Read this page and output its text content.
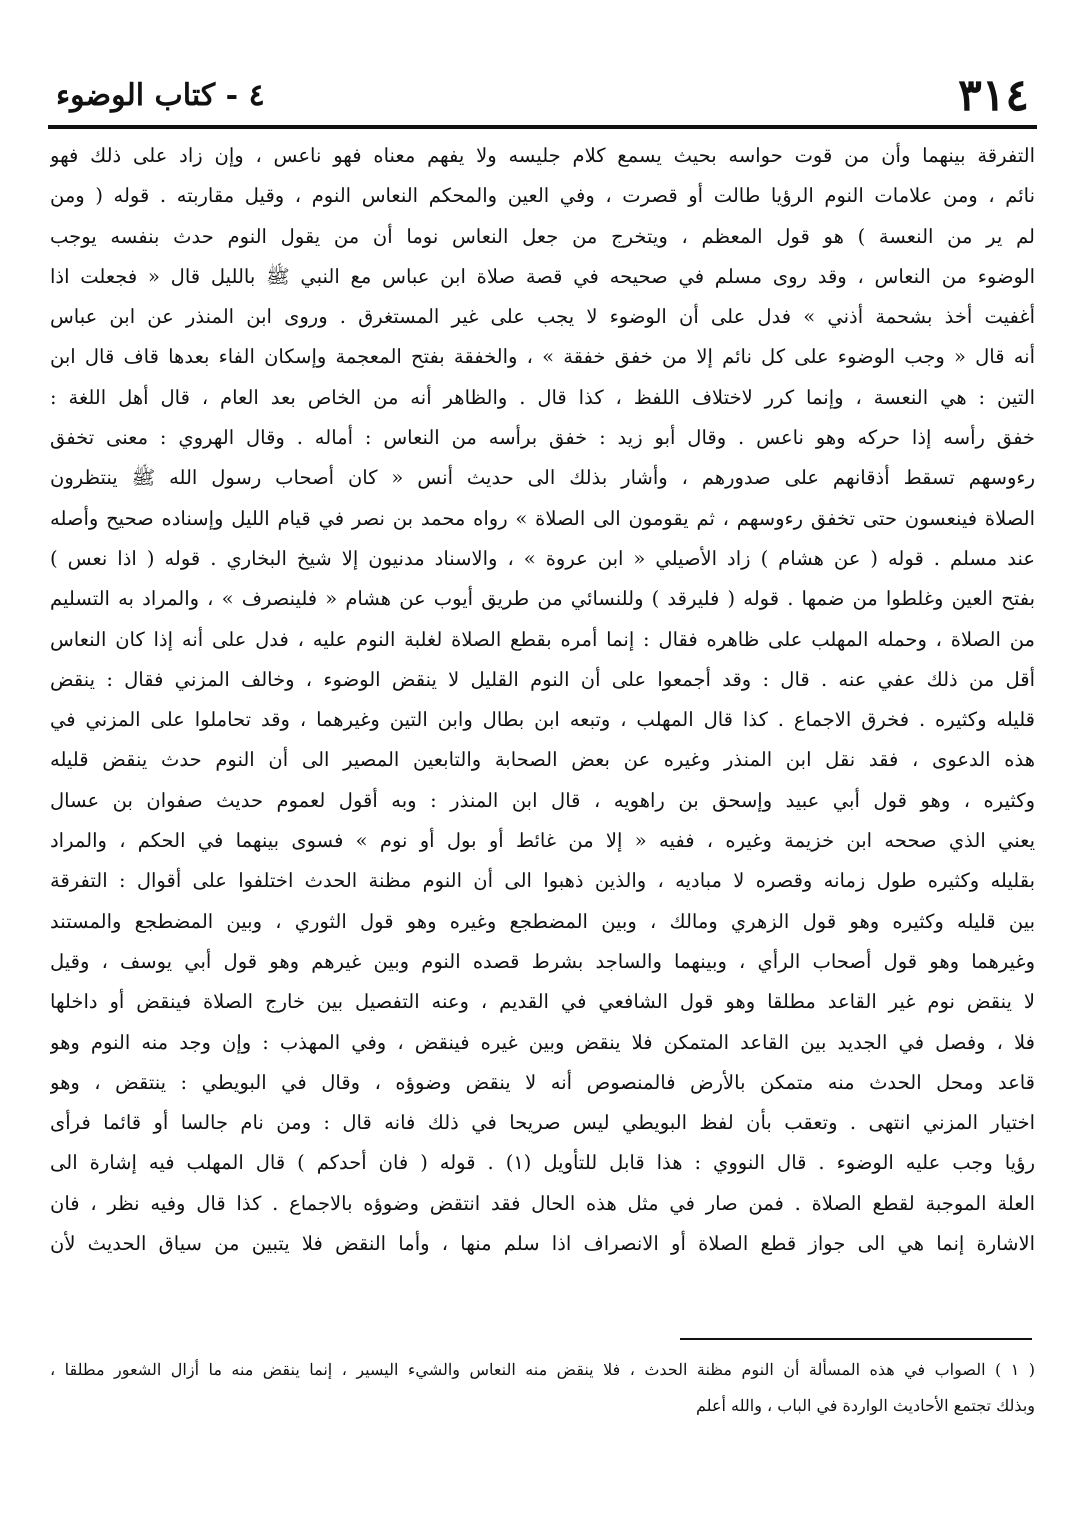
٣١٤
٤ - كتاب الوضوء
التفرقة بينهما وأن من قوت حواسه بحيث يسمع كلام جليسه ولا يفهم معناه فهو ناعس ، وإن زاد على ذلك فهو
نائم ، ومن علامات النوم الرؤيا طالت أو قصرت ، وفي العين والمحكم النعاس النوم ، وقيل مقاربته . قوله ( ومن
لم ير من النعسة ) هو قول المعظم ، ويتخرج من جعل النعاس نوما أن من يقول النوم حدث بنفسه يوجب
الوضوء من النعاس ، وقد روى مسلم في صحيحه في قصة صلاة ابن عباس مع النبي ﷺ بالليل قال « فجعلت اذا
أغفيت أخذ بشحمة أذني » فدل على أن الوضوء لا يجب على غير المستغرق . وروى ابن المنذر عن ابن عباس
أنه قال « وجب الوضوء على كل نائم إلا من خفق خفقة » ، والخفقة بفتح المعجمة وإسكان الفاء بعدها قاف قال ابن
التين : هي النعسة ، وإنما كرر لاختلاف اللفظ ، كذا قال . والظاهر أنه من الخاص بعد العام ، قال أهل اللغة :
خفق رأسه إذا حركه وهو ناعس . وقال أبو زيد : خفق برأسه من النعاس : أماله . وقال الهروي : معنى تخفق
رءوسهم تسقط أذقانهم على صدورهم ، وأشار بذلك الى حديث أنس « كان أصحاب رسول الله ﷺ ينتظرون
الصلاة فينعسون حتى تخفق رءوسهم ، ثم يقومون الى الصلاة » رواه محمد بن نصر في قيام الليل وإسناده صحيح وأصله
عند مسلم . قوله ( عن هشام ) زاد الأصيلي « ابن عروة » ، والاسناد مدنيون إلا شيخ البخاري . قوله ( اذا نعس )
بفتح العين وغلطوا من ضمها . قوله ( فليرقد ) وللنسائي من طريق أيوب عن هشام « فلينصرف » ، والمراد به التسليم
من الصلاة ، وحمله المهلب على ظاهره فقال : إنما أمره بقطع الصلاة لغلبة النوم عليه ، فدل على أنه إذا كان النعاس
أقل من ذلك عفي عنه . قال : وقد أجمعوا على أن النوم القليل لا ينقض الوضوء ، وخالف المزني فقال : ينقض
قليله وكثيره . فخرق الاجماع . كذا قال المهلب ، وتبعه ابن بطال وابن التين وغيرهما ، وقد تحاملوا على المزني في
هذه الدعوى ، فقد نقل ابن المنذر وغيره عن بعض الصحابة والتابعين المصير الى أن النوم حدث ينقض قليله
وكثيره ، وهو قول أبي عبيد وإسحق بن راهويه ، قال ابن المنذر : وبه أقول لعموم حديث صفوان بن عسال
يعني الذي صححه ابن خزيمة وغيره ، ففيه « إلا من غائط أو بول أو نوم » فسوى بينهما في الحكم ، والمراد
بقليله وكثيره طول زمانه وقصره لا مباديه ، والذين ذهبوا الى أن النوم مظنة الحدث اختلفوا على أقوال : التفرقة
بين قليله وكثيره وهو قول الزهري ومالك ، وبين المضطجع وغيره وهو قول الثوري ، وبين المضطجع والمستند
وغيرهما وهو قول أصحاب الرأي ، وبينهما والساجد بشرط قصده النوم وبين غيرهم وهو قول أبي يوسف ، وقيل
لا ينقض نوم غير القاعد مطلقا وهو قول الشافعي في القديم ، وعنه التفصيل بين خارج الصلاة فينقض أو داخلها
فلا ، وفصل في الجديد بين القاعد المتمكن فلا ينقض وبين غيره فينقض ، وفي المهذب : وإن وجد منه النوم وهو
قاعد ومحل الحدث منه متمكن بالأرض فالمنصوص أنه لا ينقض وضوؤه ، وقال في البويطي : ينتقض ، وهو
اختيار المزني انتهى . وتعقب بأن لفظ البويطي ليس صريحا في ذلك فانه قال : ومن نام جالسا أو قائما فرأى
رؤيا وجب عليه الوضوء . قال النووي : هذا قابل للتأويل (١) . قوله ( فان أحدكم ) قال المهلب فيه إشارة الى
العلة الموجبة لقطع الصلاة . فمن صار في مثل هذه الحال فقد انتقض وضوؤه بالاجماع . كذا قال وفيه نظر ، فان
الاشارة إنما هي الى جواز قطع الصلاة أو الانصراف اذا سلم منها ، وأما النقض فلا يتبين من سياق الحديث لأن
( ١ ) الصواب في هذه المسألة أن النوم مظنة الحدث ، فلا ينقض منه النعاس والشيء اليسير ، إنما ينقض منه ما أزال الشعور مطلقا ،
وبذلك تجتمع الأحاديث الواردة في الباب ، والله أعلم
